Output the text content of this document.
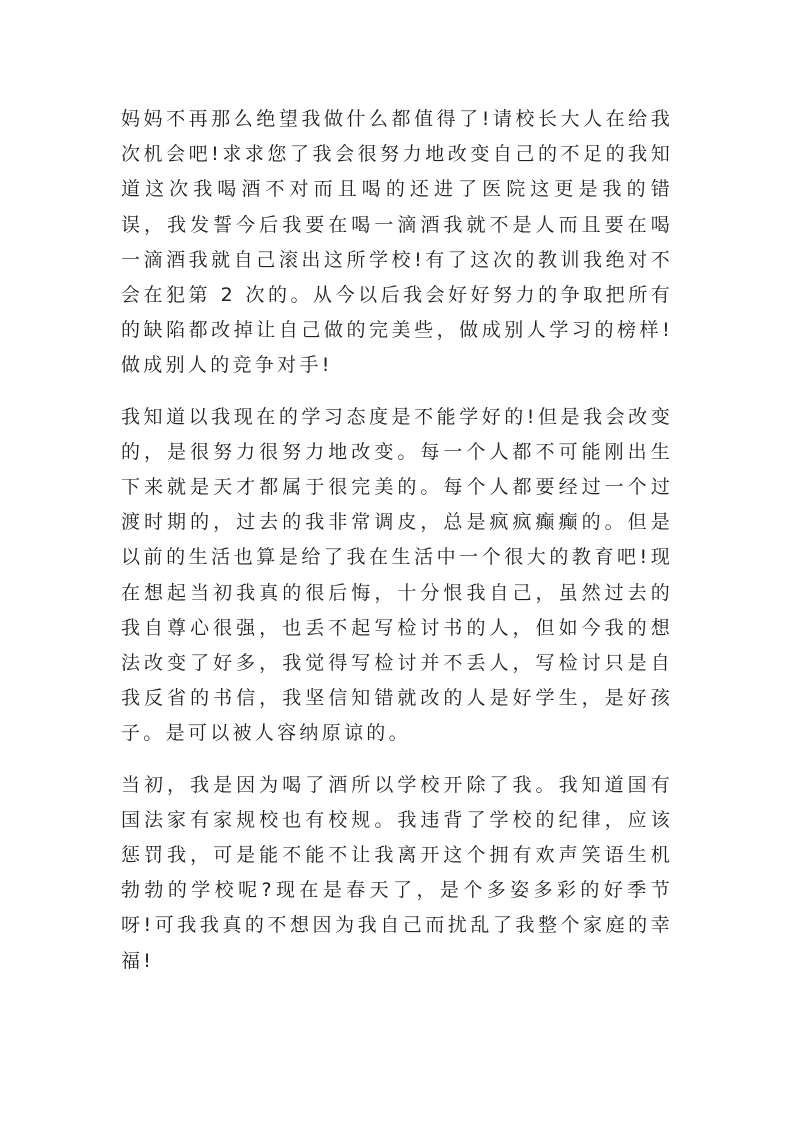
妈妈不再那么绝望我做什么都值得了!请校长大人在给我次机会吧!求求您了我会很努力地改变自己的不足的我知道这次我喝酒不对而且喝的还进了医院这更是我的错误，我发誓今后我要在喝一滴酒我就不是人而且要在喝一滴酒我就自己滚出这所学校!有了这次的教训我绝对不会在犯第 2 次的。从今以后我会好好努力的争取把所有的缺陷都改掉让自己做的完美些，做成别人学习的榜样!做成别人的竞争对手!

我知道以我现在的学习态度是不能学好的!但是我会改变的，是很努力很努力地改变。每一个人都不可能刚出生下来就是天才都属于很完美的。每个人都要经过一个过渡时期的，过去的我非常调皮，总是疯疯癫癫的。但是以前的生活也算是给了我在生活中一个很大的教育吧!现在想起当初我真的很后悔，十分恨我自己，虽然过去的我自尊心很强，也丢不起写检讨书的人，但如今我的想法改变了好多，我觉得写检讨并不丢人，写检讨只是自我反省的书信，我坚信知错就改的人是好学生，是好孩子。是可以被人容纳原谅的。

当初，我是因为喝了酒所以学校开除了我。我知道国有国法家有家规校也有校规。我违背了学校的纪律，应该惩罚我，可是能不能不让我离开这个拥有欢声笑语生机勃勃的学校呢?现在是春天了，是个多姿多彩的好季节呀!可我我真的不想因为我自己而扰乱了我整个家庭的幸福!
